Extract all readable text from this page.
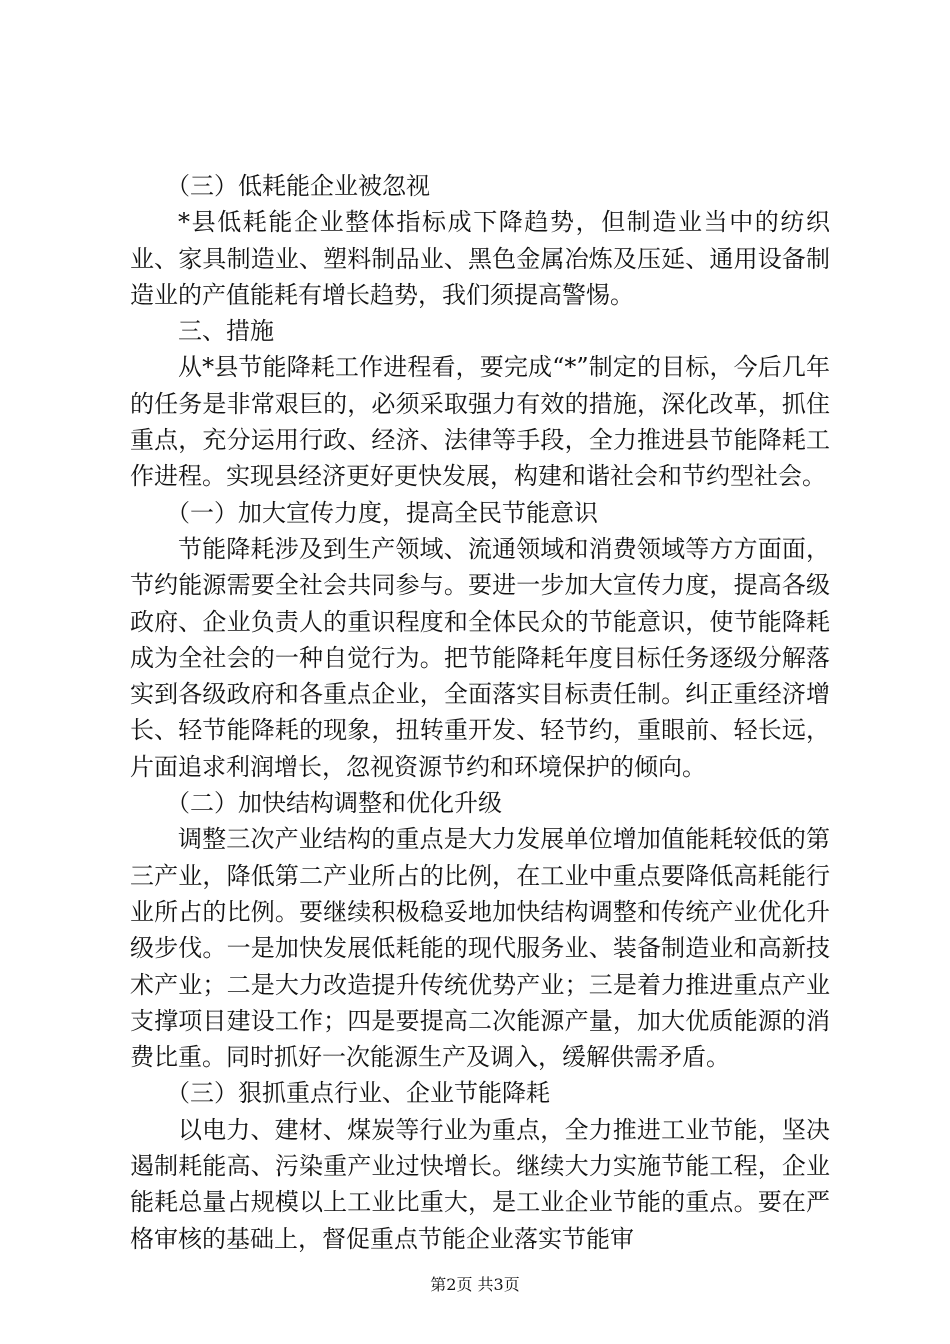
（三）低耗能企业被忽视

*县低耗能企业整体指标成下降趋势，但制造业当中的纺织业、家具制造业、塑料制品业、黑色金属冶炼及压延、通用设备制造业的产值能耗有增长趋势，我们须提高警惕。

三、措施

从*县节能降耗工作进程看，要完成“*”制定的目标，今后几年的任务是非常艰巨的，必须采取强力有效的措施，深化改革，抓住重点，充分运用行政、经济、法律等手段，全力推进县节能降耗工作进程。实现县经济更好更快发展，构建和谐社会和节约型社会。

（一）加大宣传力度，提高全民节能意识

节能降耗涉及到生产领域、流通领域和消费领域等方方面面，节约能源需要全社会共同参与。要进一步加大宣传力度，提高各级政府、企业负责人的重识程度和全体民众的节能意识，使节能降耗成为全社会的一种自觉行为。把节能降耗年度目标任务逐级分解落实到各级政府和各重点企业，全面落实目标责任制。纠正重经济增长、轻节能降耗的现象，扭转重开发、轻节约，重眼前、轻长远，片面追求利润增长，忽视资源节约和环境保护的倾向。

（二）加快结构调整和优化升级

调整三次产业结构的重点是大力发展单位增加值能耗较低的第三产业，降低第二产业所占的比例，在工业中重点要降低高耗能行业所占的比例。要继续积极稳妥地加快结构调整和传统产业优化升级步伐。一是加快发展低耗能的现代服务业、装备制造业和高新技术产业；二是大力改造提升传统优势产业；三是着力推进重点产业支撑项目建设工作；四是要提高二次能源产量，加大优质能源的消费比重。同时抓好一次能源生产及调入，缓解供需矛盾。

（三）狠抓重点行业、企业节能降耗

以电力、建材、煤炭等行业为重点，全力推进工业节能，坚决遏制耗能高、污染重产业过快增长。继续大力实施节能工程，企业能耗总量占规模以上工业比重大，是工业企业节能的重点。要在严格审核的基础上，督促重点节能企业落实节能审

第2页 共3页
